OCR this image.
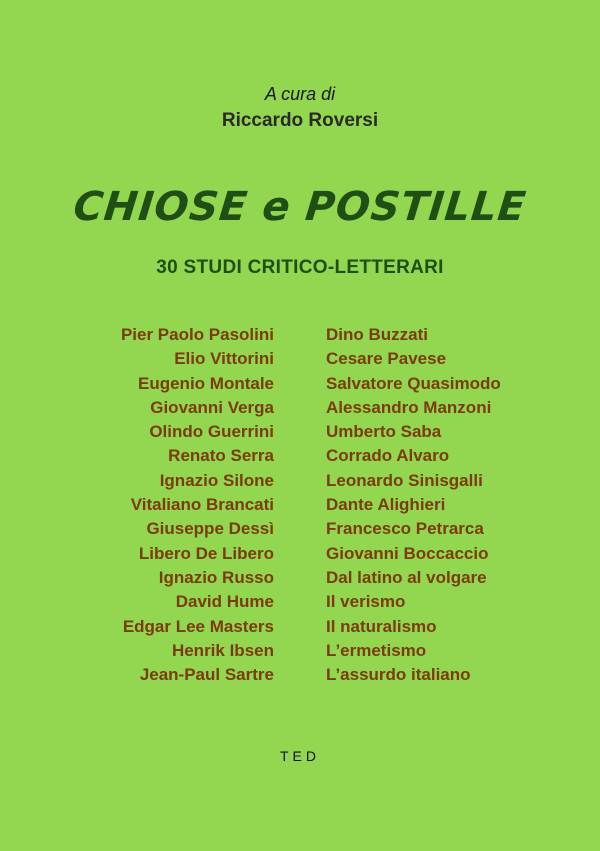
A cura di
Riccardo Roversi
CHIOSE e POSTILLE
30 STUDI CRITICO-LETTERARI
Pier Paolo Pasolini
Elio Vittorini
Eugenio Montale
Giovanni Verga
Olindo Guerrini
Renato Serra
Ignazio Silone
Vitaliano Brancati
Giuseppe Dessì
Libero De Libero
Ignazio Russo
David Hume
Edgar Lee Masters
Henrik Ibsen
Jean-Paul Sartre
Dino Buzzati
Cesare Pavese
Salvatore Quasimodo
Alessandro Manzoni
Umberto Saba
Corrado Alvaro
Leonardo Sinisgalli
Dante Alighieri
Francesco Petrarca
Giovanni Boccaccio
Dal latino al volgare
Il verismo
Il naturalismo
L’ermetismo
L’assurdo italiano
TED
